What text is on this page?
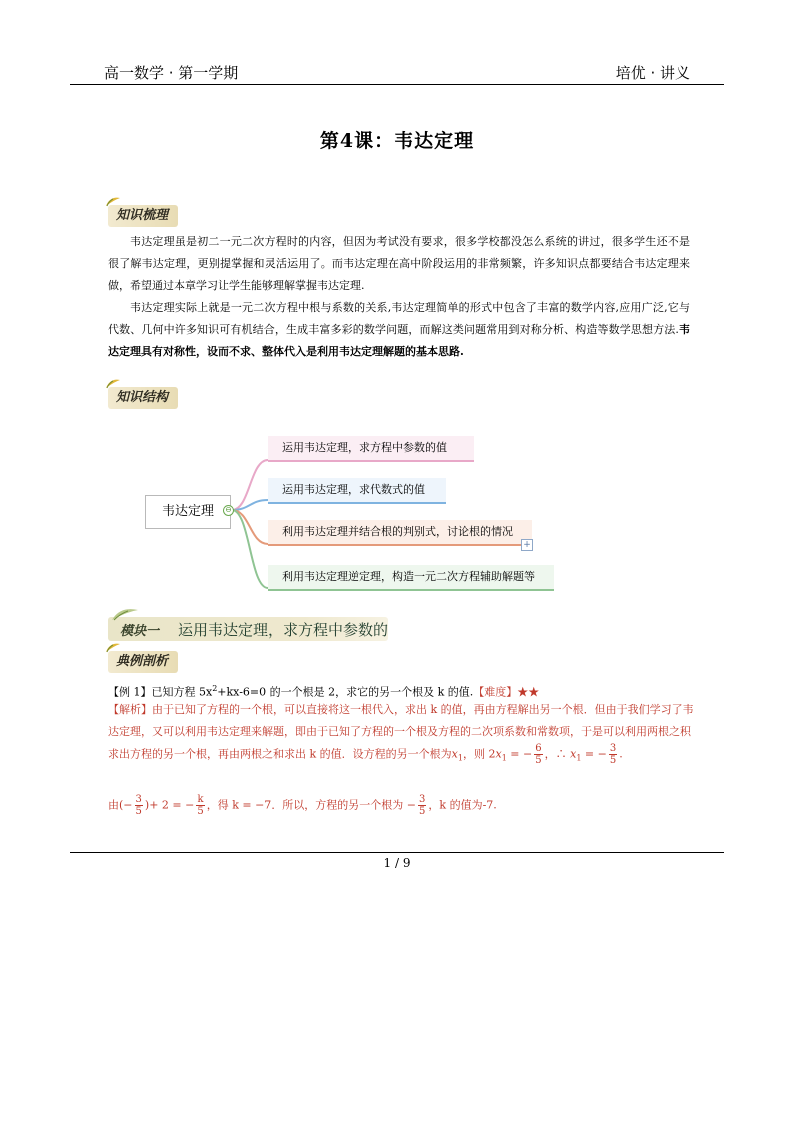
高一数学 · 第一学期	培优 · 讲义
第4课：韦达定理
知识梳理

韦达定理虽是初二一元二次方程时的内容，但因为考试没有要求，很多学校都没怎么系统的讲过，很多学生还不是很了解韦达定理，更别提掌握和灵活运用了。而韦达定理在高中阶段运用的非常频繁，许多知识点都要结合韦达定理来做，希望通过本章学习让学生能够理解掌握韦达定理.

韦达定理实际上就是一元二次方程中根与系数的关系,韦达定理简单的形式中包含了丰富的数学内容,应用广泛,它与代数、几何中许多知识可有机结合，生成丰富多彩的数学问题，而解这类问题常用到对称分析、构造等数学思想方法.韦达定理具有对称性，设而不求、整体代入是利用韦达定理解题的基本思路.

知识结构
韦达定理	⊖
运用韦达定理，求方程中参数的值
运用韦达定理，求代数式的值
利用韦达定理并结合根的判别式，讨论根的情况
+
利用韦达定理逆定理，构造一元二次方程辅助解题等
模块一 运用韦达定理，求方程中参数的
典例剖析
【例 1】已知方程 $5x^2+kx-6=0$ 的一个根是 2，求它的另一个根及 k 的值.【难度】★★
【解析】由于已知了方程的一个根，可以直接将这一根代入，求出 k 的值，再由方程解出另一个根．但由于我们学习了韦达定理，又可以利用韦达定理来解题，即由于已知了方程的一个根及方程的二次项系数和常数项，于是可以利用两根之积求出方程的另一个根，再由两根之和求出 k 的值．设方程的另一个根为$x_1$，则 $2x_1$ = − $\frac{6}{5}$ ，∴ $x_1$ = − $\frac{3}{5}$ .
由(− $\frac{3}{5}$ )+ 2 = − $\frac{k}{5}$ ，得 k = −7．所以，方程的另一个根为 − $\frac{3}{5}$ ，k 的值为-7.
1 / 9
